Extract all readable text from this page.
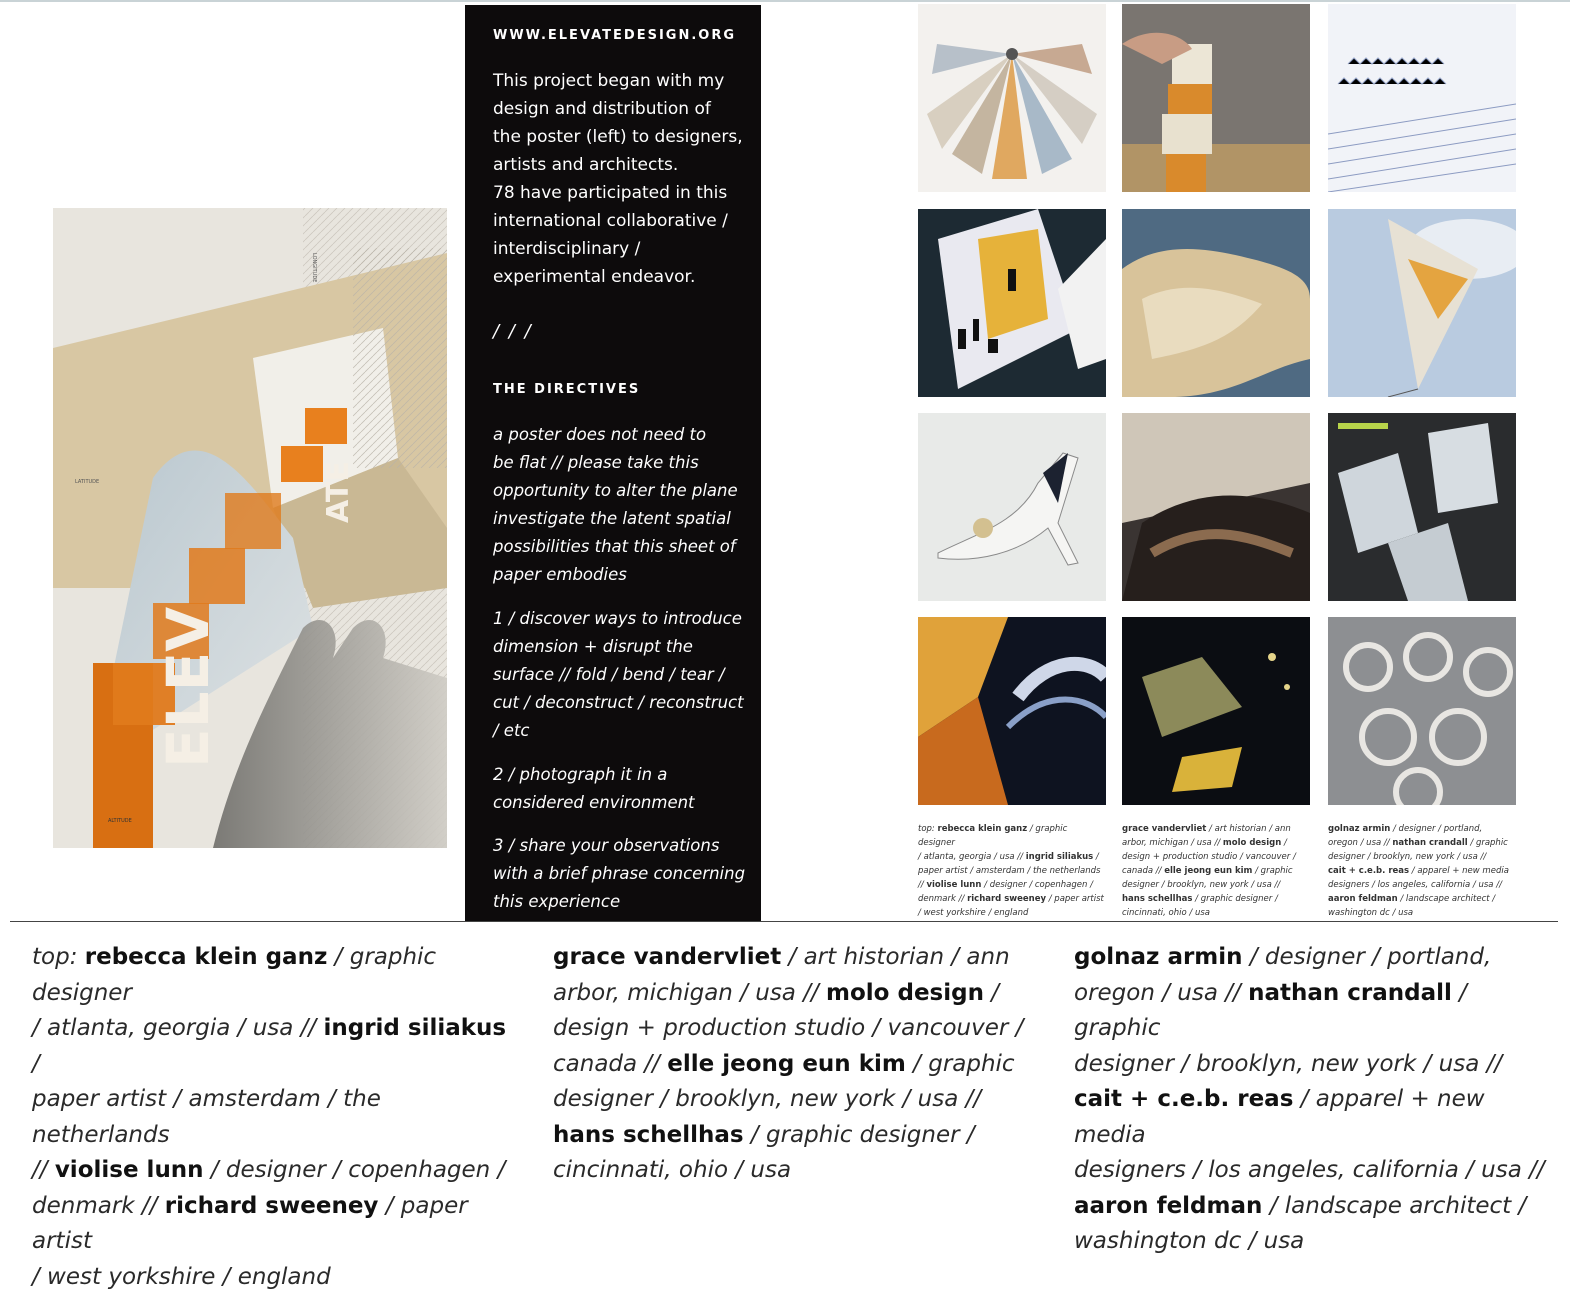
ELEV
ATE
LATITUDE
LONGITUDE
ALTITUDE
WWW.ELEVATEDESIGN.ORG
This project began with my
design and distribution of
the poster (left) to designers,
artists and architects.
78 have participated in this
international collaborative /
interdisciplinary /
experimental endeavor.
/ / /
THE DIRECTIVES
a poster does not need to
be flat // please take this
opportunity to alter the plane
investigate the latent spatial
possibilities that this sheet of
paper embodies
1 / discover ways to introduce
dimension + disrupt the
surface // fold / bend / tear /
cut / deconstruct / reconstruct
/ etc
2 / photograph it in a
considered environment
3 / share your observations
with a brief phrase concerning
this experience
top: rebecca klein ganz / graphic designer
/ atlanta, georgia / usa // ingrid siliakus /
paper artist / amsterdam / the netherlands
// violise lunn / designer / copenhagen /
denmark // richard sweeney / paper artist
/ west yorkshire / england
grace vandervliet / art historian / ann
arbor, michigan / usa // molo design /
design + production studio / vancouver /
canada // elle jeong eun kim / graphic
designer / brooklyn, new york / usa //
hans schellhas / graphic designer /
cincinnati, ohio / usa
golnaz armin / designer / portland,
oregon / usa // nathan crandall / graphic
designer / brooklyn, new york / usa //
cait + c.e.b. reas / apparel + new media
designers / los angeles, california / usa //
aaron feldman / landscape architect /
washington dc / usa
top: rebecca klein ganz / graphic designer
/ atlanta, georgia / usa // ingrid siliakus /
paper artist / amsterdam / the netherlands
// violise lunn / designer / copenhagen /
denmark // richard sweeney / paper artist
/ west yorkshire / england
grace vandervliet / art historian / ann
arbor, michigan / usa // molo design /
design + production studio / vancouver /
canada // elle jeong eun kim / graphic
designer / brooklyn, new york / usa //
hans schellhas / graphic designer /
cincinnati, ohio / usa
golnaz armin / designer / portland,
oregon / usa // nathan crandall / graphic
designer / brooklyn, new york / usa //
cait + c.e.b. reas / apparel + new media
designers / los angeles, california / usa //
aaron feldman / landscape architect /
washington dc / usa
